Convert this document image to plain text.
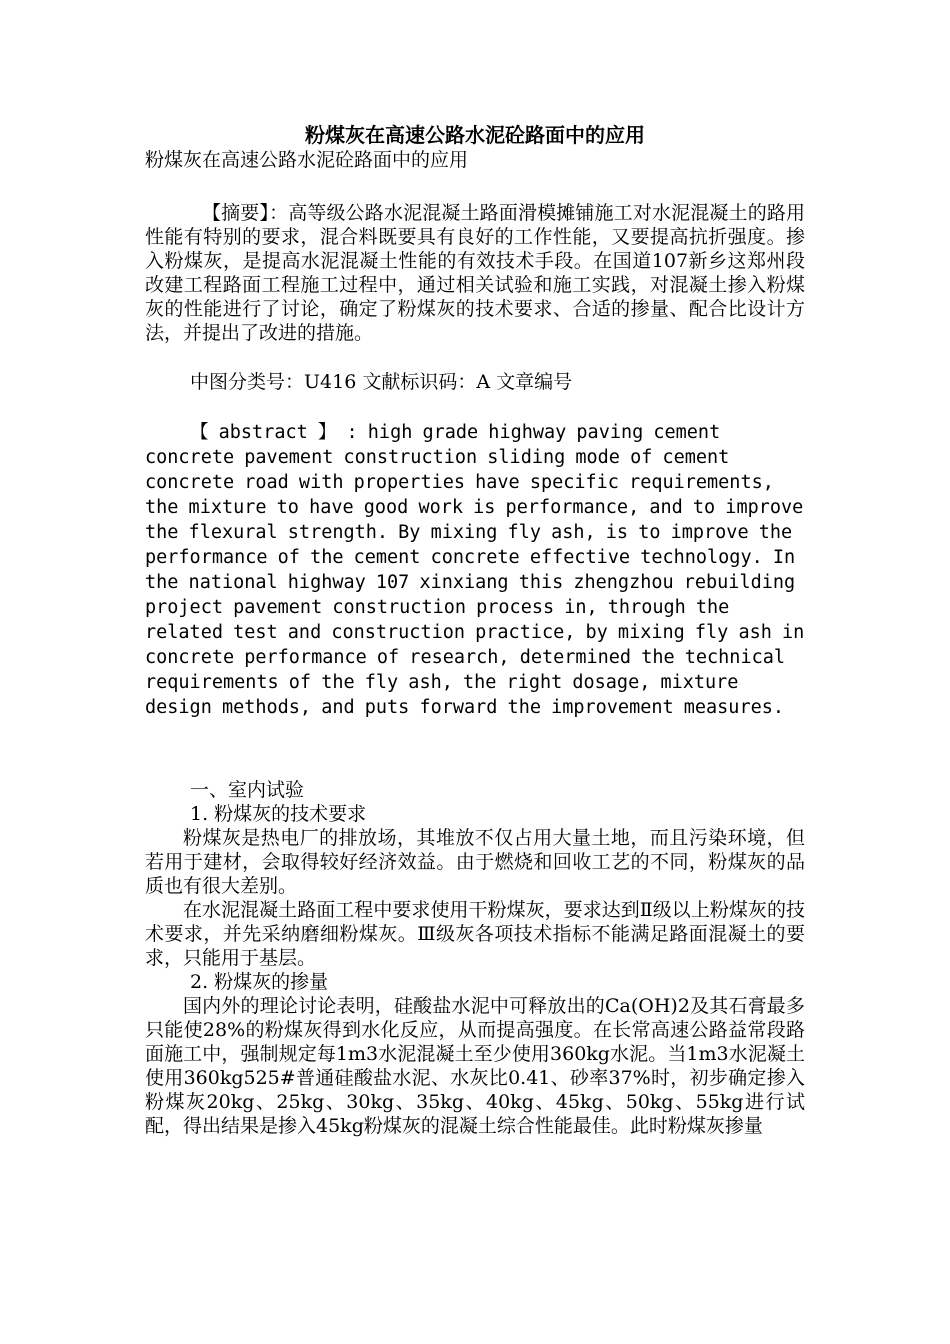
粉煤灰在高速公路水泥砼路面中的应用

粉煤灰在高速公路水泥砼路面中的应用

【摘要】：高等级公路水泥混凝土路面滑模摊铺施工对水泥混凝土的路用性能有特别的要求，混合料既要具有良好的工作性能，又要提高抗折强度。掺入粉煤灰，是提高水泥混凝土性能的有效技术手段。在国道107新乡这郑州段改建工程路面工程施工过程中，通过相关试验和施工实践，对混凝土掺入粉煤灰的性能进行了讨论，确定了粉煤灰的技术要求、合适的掺量、配合比设计方法，并提出了改进的措施。

中图分类号：U416 文献标识码：A 文章编号

【 abstract 】 : high grade highway paving cement concrete pavement construction sliding mode of cement concrete road with properties have specific requirements, the mixture to have good work is performance, and to improve the flexural strength. By mixing fly ash, is to improve the performance of the cement concrete effective technology. In the national highway 107 xinxiang this zhengzhou rebuilding project pavement construction process in, through the related test and construction practice, by mixing fly ash in concrete performance of research, determined the technical requirements of the fly ash, the right dosage, mixture design methods, and puts forward the improvement measures.

一、室内试验

1. 粉煤灰的技术要求

粉煤灰是热电厂的排放场，其堆放不仅占用大量土地，而且污染环境，但若用于建材，会取得较好经济效益。由于燃烧和回收工艺的不同，粉煤灰的品质也有很大差别。

在水泥混凝土路面工程中要求使用干粉煤灰，要求达到Ⅱ级以上粉煤灰的技术要求，并先采纳磨细粉煤灰。Ⅲ级灰各项技术指标不能满足路面混凝土的要求，只能用于基层。

2. 粉煤灰的掺量

国内外的理论讨论表明，硅酸盐水泥中可释放出的Ca(OH)2及其石膏最多只能使28%的粉煤灰得到水化反应，从而提高强度。在长常高速公路益常段路面施工中，强制规定每1m3水泥混凝土至少使用360kg水泥。当1m3水泥凝土使用360kg525#普通硅酸盐水泥、水灰比0.41、砂率37%时，初步确定掺入粉煤灰20kg、25kg、30kg、35kg、40kg、45kg、50kg、55kg进行试配，得出结果是掺入45kg粉煤灰的混凝土综合性能最佳。此时粉煤灰掺量
